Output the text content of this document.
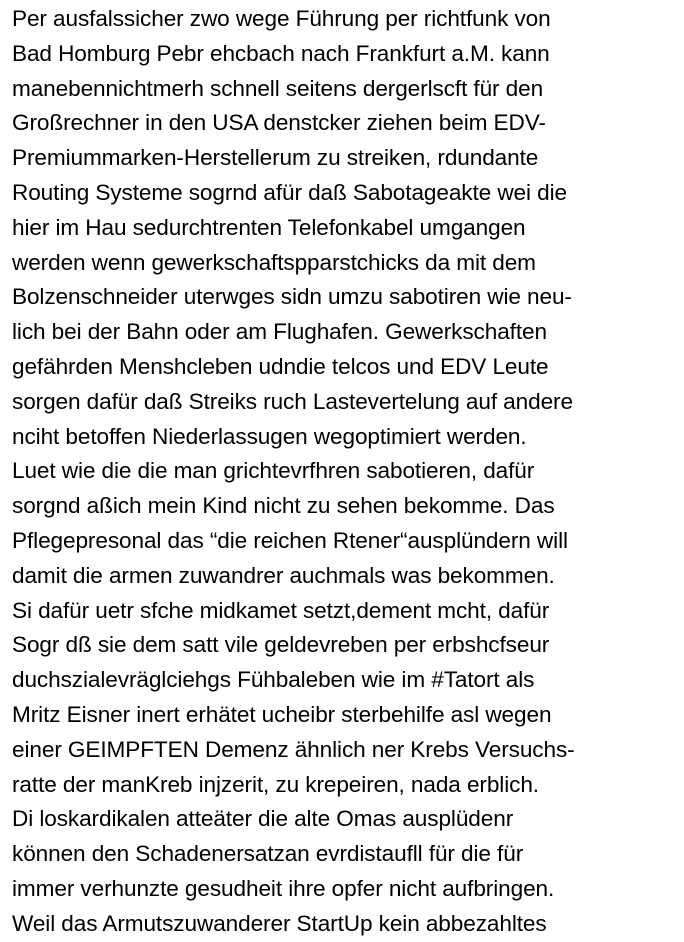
Per ausfalssicher zwo wege Führung per richtfunk von
Bad Homburg Pebr ehcbach nach Frankfurt a.M. kann
manebennichtmerh schnell seitens dergerlscft für den
Großrechner in den USA denstcker ziehen beim EDV-
Premiummarken-Herstellerum zu streiken, rdundante
Routing Systeme sogrnd afür daß Sabotageakte wei die
hier im Hau sedurchtrenten Telefonkabel umgangen
werden wenn gewerkschaftspparstchicks da mit dem
Bolzenschneider uterwges sidn umzu sabotiren wie neu-
lich bei der Bahn oder am Flughafen. Gewerkschaften
gefährden Menshcleben udndie telcos und EDV Leute
sorgen dafür daß Streiks ruch Lastevertelung auf andere
nciht betoffen Niederlassugen wegoptimiert werden.
Luet wie die die man grichtevrfhren sabotieren, dafür
sorgnd aßich mein Kind nicht zu sehen bekomme. Das
Pflegepresonal das “die reichen Rtener“ausplündern will
damit die armen zuwandrer auchmals was bekommen.
Si dafür uetr sfche midkamet setzt,dement mcht, dafür
Sogr dß sie dem satt vile geldevreben per erbshcfseur
duchszialevräglciehgs Fühbaleben wie im #Tatort als
Mritz Eisner inert erhätet ucheibr sterbehilfe asl wegen
einer GEIMPFTEN Demenz ähnlich ner Krebs Versuchs-
ratte der manKreb injzerit, zu krepeiren, nada erblich.
Di loskardikalen atteäter die alte Omas ausplüdenr
können den Schadenersatzan evrdistaufll für die für
immer verhunzte gesudheit ihre opfer nicht aufbringen.
Weil das Armutszuwanderer StartUp kein abbezahltes
